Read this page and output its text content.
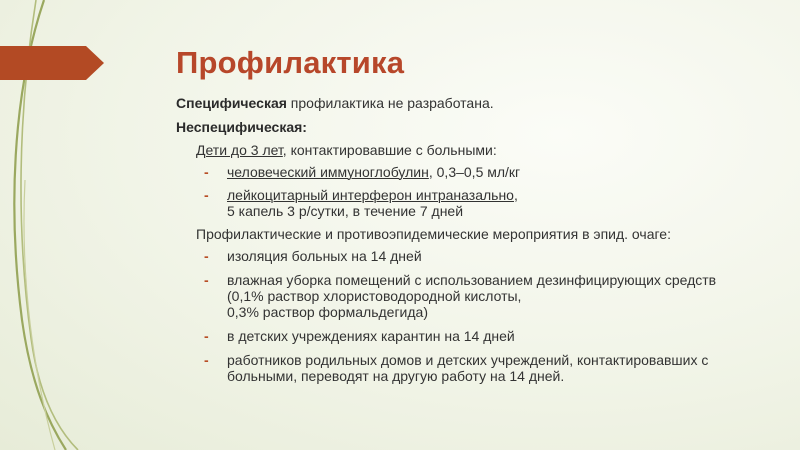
Профилактика

Специфическая профилактика не разработана.

Неспецифическая:

Дети до 3 лет, контактировавшие с больными:
-	человеческий иммуноглобулин, 0,3–0,5 мл/кг
-	лейкоцитарный интерферон интраназально,
5 капель 3 р/сутки, в течение 7 дней
Профилактические и противоэпидемические мероприятия в эпид. очаге:
-	изоляция больных на 14 дней
-	влажная уборка помещений с использованием дезинфицирующих средств
(0,1% раствор хлористоводородной кислоты,
0,3% раствор формальдегида)
-	в детских учреждениях карантин на 14 дней
-	работников родильных домов и детских учреждений, контактировавших с
больными, переводят на другую работу на 14 дней.
